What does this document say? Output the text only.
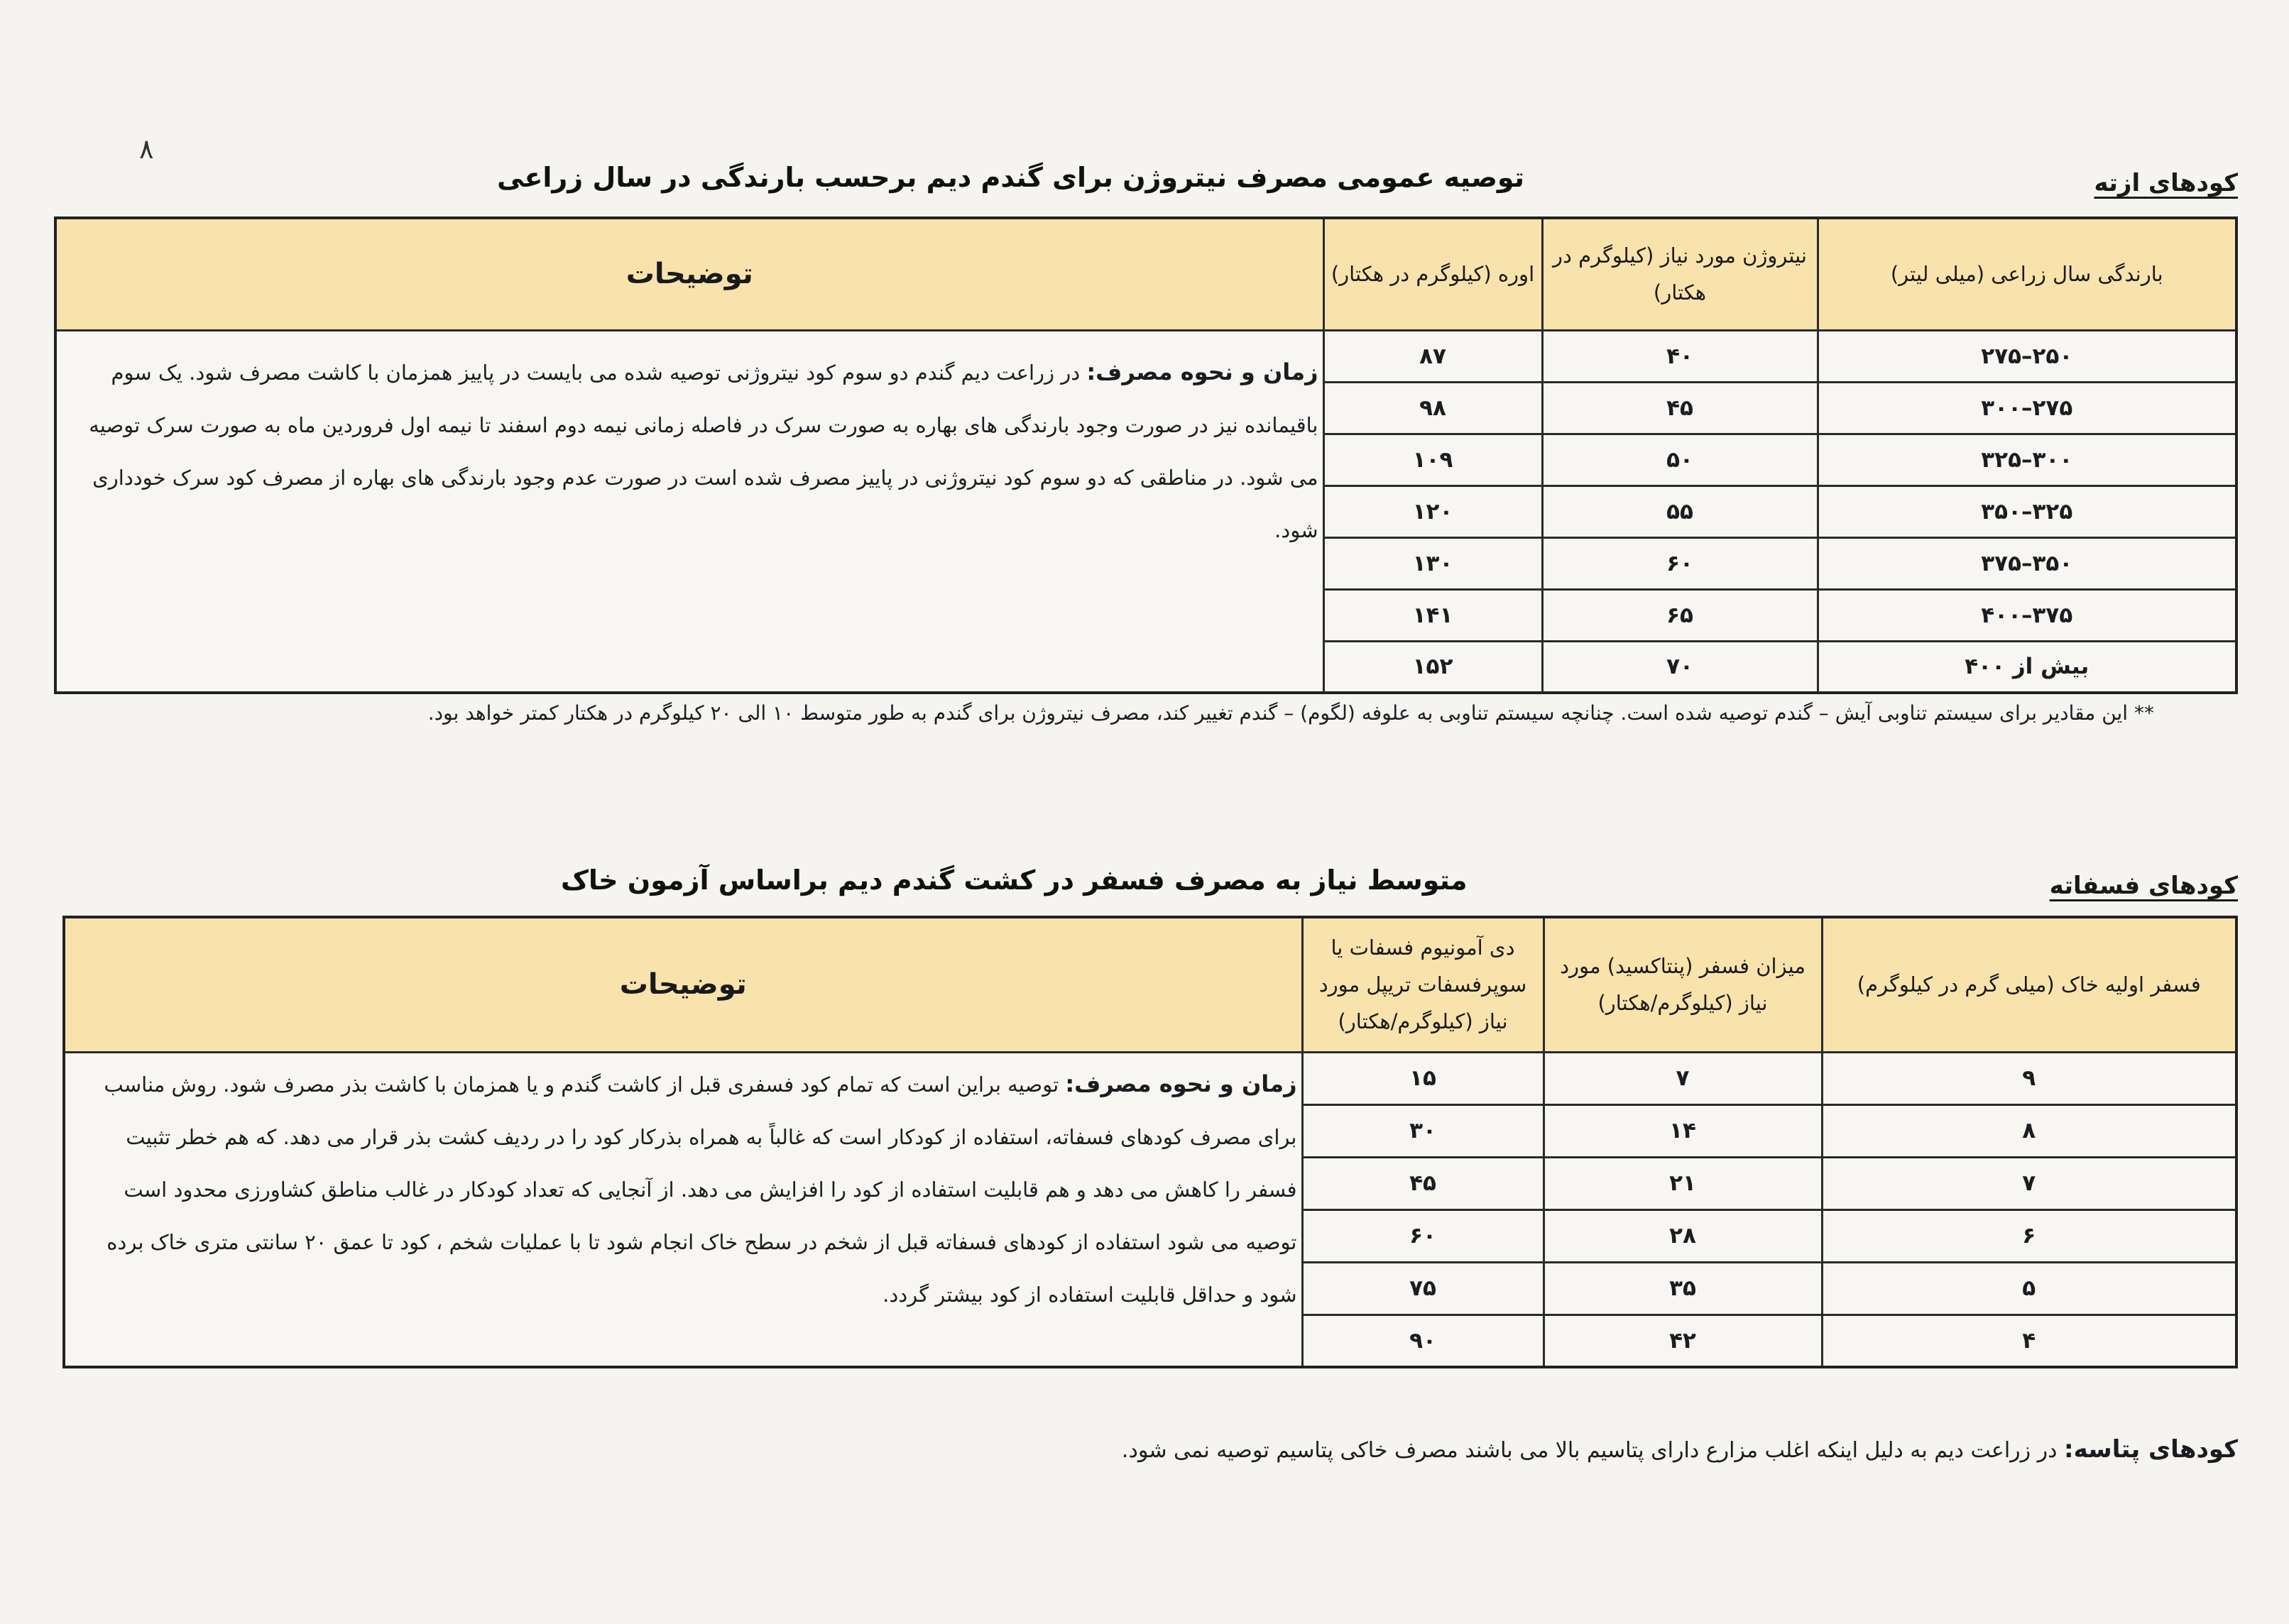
۸
کودهای ازته
توصیه عمومی مصرف نیتروژن برای گندم دیم برحسب بارندگی در سال زراعی
بارندگی سال زراعی (میلی لیتر)	نیتروژن مورد نیاز (کیلوگرم در هکتار)	اوره (کیلوگرم در هکتار)	توضیحات
۲۵۰–۲۷۵	۴۰	۸۷	زمان و نحوه مصرف: در زراعت دیم گندم دو سوم کود نیتروژنی توصیه شده می بایست در پاییز همزمان با کاشت مصرف شود. یک سوم باقیمانده نیز در صورت وجود بارندگی های بهاره به صورت سرک در فاصله زمانی نیمه دوم اسفند تا نیمه اول فروردین ماه به صورت سرک توصیه می شود. در مناطقی که دو سوم کود نیتروژنی در پاییز مصرف شده است در صورت عدم وجود بارندگی های بهاره از مصرف کود سرک خودداری شود.
۲۷۵–۳۰۰	۴۵	۹۸	
۳۰۰–۳۲۵	۵۰	۱۰۹	
۳۲۵–۳۵۰	۵۵	۱۲۰	
۳۵۰–۳۷۵	۶۰	۱۳۰	
۳۷۵–۴۰۰	۶۵	۱۴۱	
بیش از ۴۰۰	۷۰	۱۵۲	
** این مقادیر برای سیستم تناوبی آیش – گندم توصیه شده است. چنانچه سیستم تناوبی به علوفه (لگوم) – گندم تغییر کند، مصرف نیتروژن برای گندم به طور متوسط ۱۰ الی ۲۰ کیلوگرم در هکتار کمتر خواهد بود.
کودهای فسفاته
متوسط نیاز به مصرف فسفر در کشت گندم دیم براساس آزمون خاک
فسفر اولیه خاک (میلی گرم در کیلوگرم)	میزان فسفر (پنتاکسید) مورد نیاز (کیلوگرم/هکتار)	دی آمونیوم فسفات یا سوپرفسفات تریپل مورد نیاز (کیلوگرم/هکتار)	توضیحات
۹	۷	۱۵	زمان و نحوه مصرف: توصیه براین است که تمام کود فسفری قبل از کاشت گندم و یا همزمان با کاشت بذر مصرف شود. روش مناسب برای مصرف کودهای فسفاته، استفاده از کودکار است که غالباً به همراه بذرکار کود را در ردیف کشت بذر قرار می دهد. که هم خطر تثبیت فسفر را کاهش می دهد و هم قابلیت استفاده از کود را افزایش می دهد. از آنجایی که تعداد کودکار در غالب مناطق کشاورزی محدود است توصیه می شود استفاده از کودهای فسفاته قبل از شخم در سطح خاک انجام شود تا با عملیات شخم ، کود تا عمق ۲۰ سانتی متری خاک برده شود و حداقل قابلیت استفاده از کود بیشتر گردد.
۸	۱۴	۳۰	
۷	۲۱	۴۵	
۶	۲۸	۶۰	
۵	۳۵	۷۵	
۴	۴۲	۹۰	
کودهای پتاسه: در زراعت دیم به دلیل اینکه اغلب مزارع دارای پتاسیم بالا می باشند مصرف خاکی پتاسیم توصیه نمی شود.
